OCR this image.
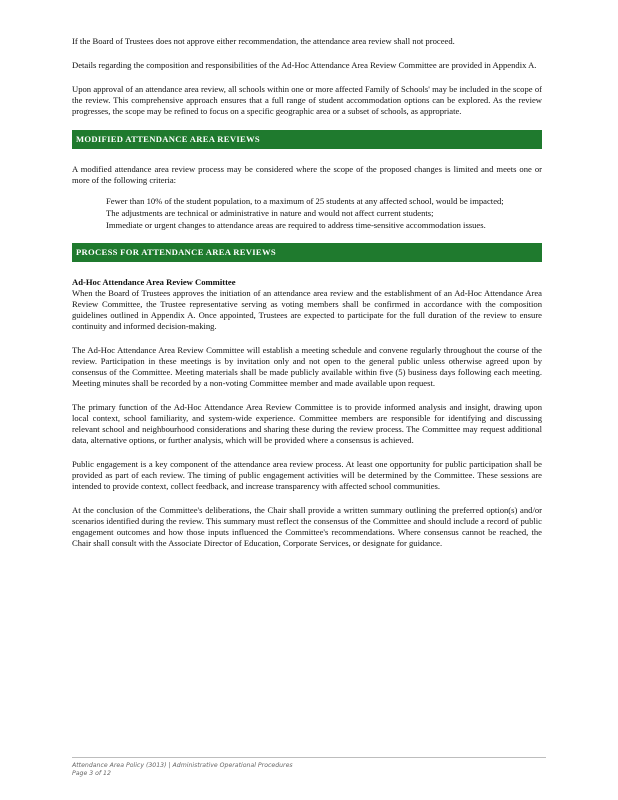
If the Board of Trustees does not approve either recommendation, the attendance area review shall not proceed.

Details regarding the composition and responsibilities of the Ad-Hoc Attendance Area Review Committee are provided in Appendix A.

Upon approval of an attendance area review, all schools within one or more affected Family of Schools' may be included in the scope of the review. This comprehensive approach ensures that a full range of student accommodation options can be explored. As the review progresses, the scope may be refined to focus on a specific geographic area or a subset of schools, as appropriate.

MODIFIED ATTENDANCE AREA REVIEWS

A modified attendance area review process may be considered where the scope of the proposed changes is limited and meets one or more of the following criteria:

Fewer than 10% of the student population, to a maximum of 25 students at any affected school, would be impacted;
The adjustments are technical or administrative in nature and would not affect current students;
Immediate or urgent changes to attendance areas are required to address time-sensitive accommodation issues.
PROCESS FOR ATTENDANCE AREA REVIEWS
Ad-Hoc Attendance Area Review Committee

When the Board of Trustees approves the initiation of an attendance area review and the establishment of an Ad-Hoc Attendance Area Review Committee, the Trustee representative serving as voting members shall be confirmed in accordance with the composition guidelines outlined in Appendix A. Once appointed, Trustees are expected to participate for the full duration of the review to ensure continuity and informed decision-making.

The Ad-Hoc Attendance Area Review Committee will establish a meeting schedule and convene regularly throughout the course of the review. Participation in these meetings is by invitation only and not open to the general public unless otherwise agreed upon by consensus of the Committee. Meeting materials shall be made publicly available within five (5) business days following each meeting. Meeting minutes shall be recorded by a non-voting Committee member and made available upon request.

The primary function of the Ad-Hoc Attendance Area Review Committee is to provide informed analysis and insight, drawing upon local context, school familiarity, and system-wide experience. Committee members are responsible for identifying and discussing relevant school and neighbourhood considerations and sharing these during the review process. The Committee may request additional data, alternative options, or further analysis, which will be provided where a consensus is achieved.

Public engagement is a key component of the attendance area review process. At least one opportunity for public participation shall be provided as part of each review. The timing of public engagement activities will be determined by the Committee. These sessions are intended to provide context, collect feedback, and increase transparency with affected school communities.

At the conclusion of the Committee's deliberations, the Chair shall provide a written summary outlining the preferred option(s) and/or scenarios identified during the review. This summary must reflect the consensus of the Committee and should include a record of public engagement outcomes and how those inputs influenced the Committee's recommendations. Where consensus cannot be reached, the Chair shall consult with the Associate Director of Education, Corporate Services, or designate for guidance.

Attendance Area Policy (3013) | Administrative Operational Procedures
Page 3 of 12
